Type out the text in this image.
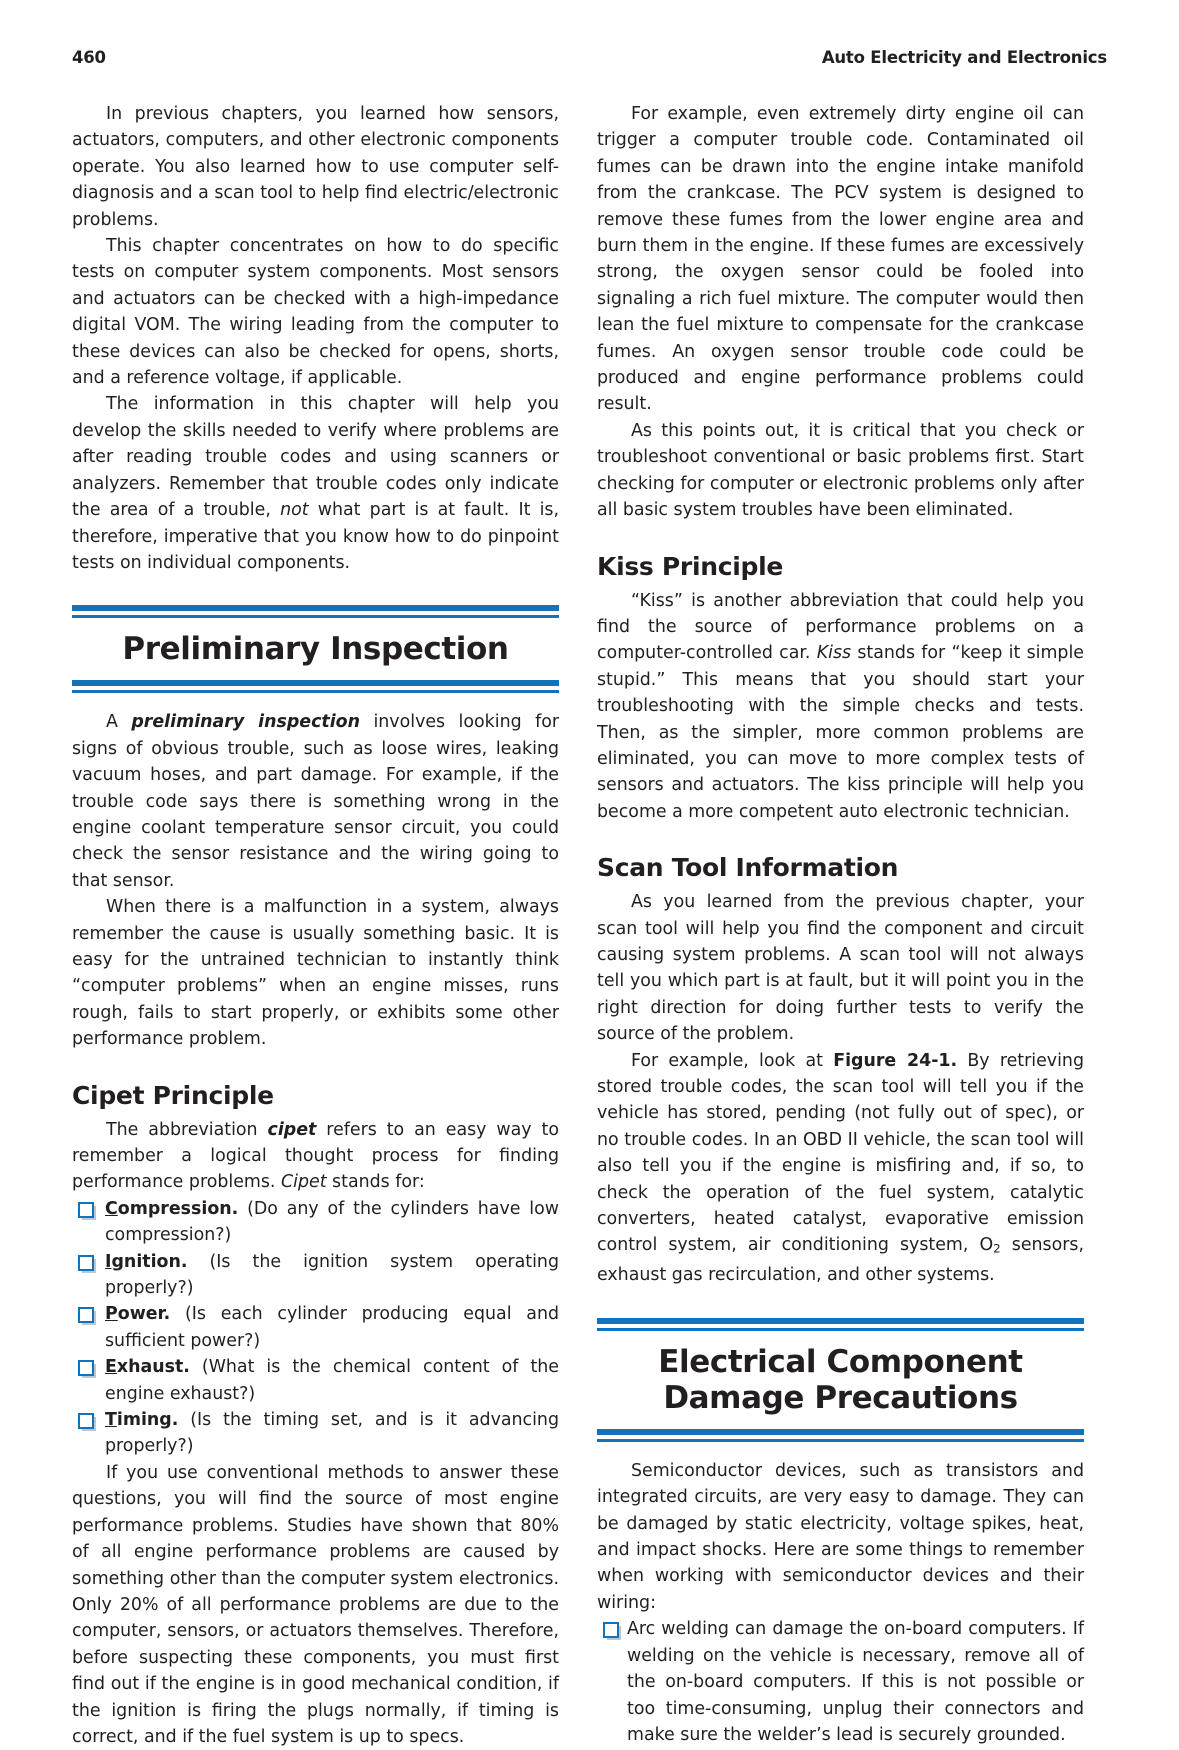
460	Auto Electricity and Electronics

In previous chapters, you learned how sensors, actuators, computers, and other electronic components operate. You also learned how to use computer self-diagnosis and a scan tool to help find electric/electronic problems.

This chapter concentrates on how to do specific tests on computer system components. Most sensors and actuators can be checked with a high-impedance digital VOM. The wiring leading from the computer to these devices can also be checked for opens, shorts, and a reference voltage, if applicable.

The information in this chapter will help you develop the skills needed to verify where problems are after reading trouble codes and using scanners or analyzers. Remember that trouble codes only indicate the area of a trouble, not what part is at fault. It is, therefore, imperative that you know how to do pinpoint tests on individual components.

Preliminary Inspection

A preliminary inspection involves looking for signs of obvious trouble, such as loose wires, leaking vacuum hoses, and part damage. For example, if the trouble code says there is something wrong in the engine coolant temperature sensor circuit, you could check the sensor resistance and the wiring going to that sensor.

When there is a malfunction in a system, always remember the cause is usually something basic. It is easy for the untrained technician to instantly think “computer problems” when an engine misses, runs rough, fails to start properly, or exhibits some other performance problem.

Cipet Principle

The abbreviation cipet refers to an easy way to remember a logical thought process for finding performance problems. Cipet stands for:

Compression. (Do any of the cylinders have low compression?)
Ignition. (Is the ignition system operating properly?)
Power. (Is each cylinder producing equal and sufficient power?)
Exhaust. (What is the chemical content of the engine exhaust?)
Timing. (Is the timing set, and is it advancing properly?)

If you use conventional methods to answer these questions, you will find the source of most engine performance problems. Studies have shown that 80% of all engine performance problems are caused by something other than the computer system electronics. Only 20% of all performance problems are due to the computer, sensors, or actuators themselves. Therefore, before suspecting these components, you must first find out if the engine is in good mechanical condition, if the ignition is firing the plugs normally, if timing is correct, and if the fuel system is up to specs.

For example, even extremely dirty engine oil can trigger a computer trouble code. Contaminated oil fumes can be drawn into the engine intake manifold from the crankcase. The PCV system is designed to remove these fumes from the lower engine area and burn them in the engine. If these fumes are excessively strong, the oxygen sensor could be fooled into signaling a rich fuel mixture. The computer would then lean the fuel mixture to compensate for the crankcase fumes. An oxygen sensor trouble code could be produced and engine performance problems could result.

As this points out, it is critical that you check or troubleshoot conventional or basic problems first. Start checking for computer or electronic problems only after all basic system troubles have been eliminated.

Kiss Principle

“Kiss” is another abbreviation that could help you find the source of performance problems on a computer-controlled car. Kiss stands for “keep it simple stupid.” This means that you should start your troubleshooting with the simple checks and tests. Then, as the simpler, more common problems are eliminated, you can move to more complex tests of sensors and actuators. The kiss principle will help you become a more competent auto electronic technician.

Scan Tool Information

As you learned from the previous chapter, your scan tool will help you find the component and circuit causing system problems. A scan tool will not always tell you which part is at fault, but it will point you in the right direction for doing further tests to verify the source of the problem.

For example, look at Figure 24-1. By retrieving stored trouble codes, the scan tool will tell you if the vehicle has stored, pending (not fully out of spec), or no trouble codes. In an OBD II vehicle, the scan tool will also tell you if the engine is misfiring and, if so, to check the operation of the fuel system, catalytic converters, heated catalyst, evaporative emission control system, air conditioning system, $O_2$ sensors, exhaust gas recirculation, and other systems.

Electrical Component
Damage Precautions

Semiconductor devices, such as transistors and integrated circuits, are very easy to damage. They can be damaged by static electricity, voltage spikes, heat, and impact shocks. Here are some things to remember when working with semiconductor devices and their wiring:

Arc welding can damage the on-board computers. If welding on the vehicle is necessary, remove all of the on-board computers. If this is not possible or too time-consuming, unplug their connectors and make sure the welder’s lead is securely grounded.
